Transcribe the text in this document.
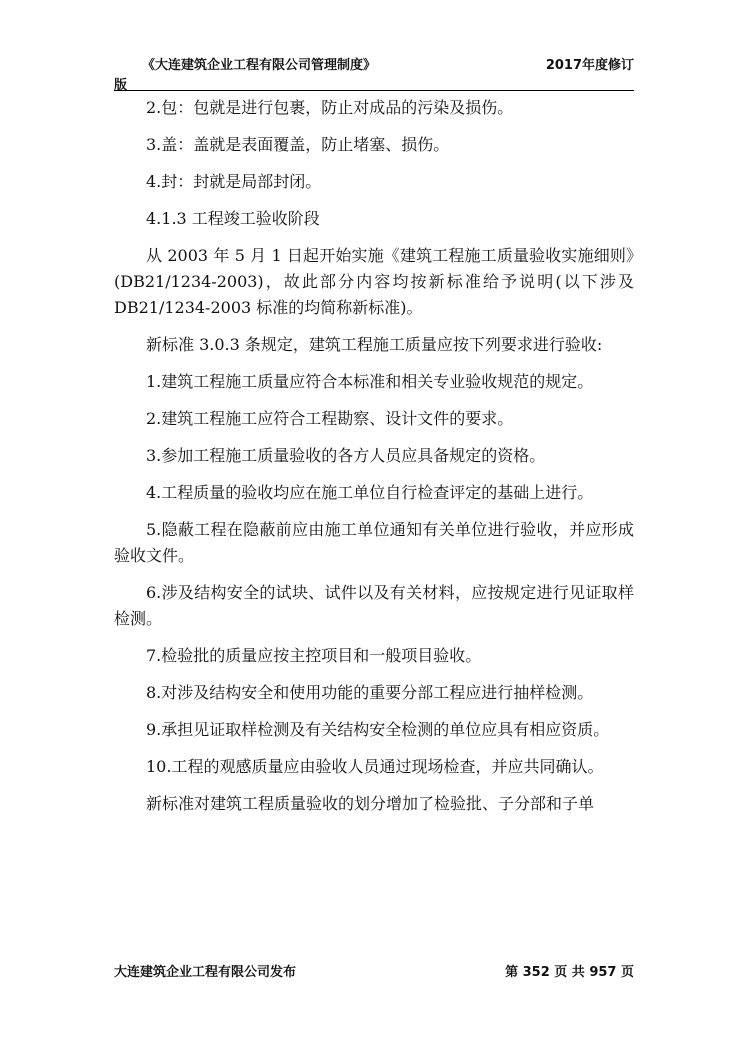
《大连建筑企业工程有限公司管理制度》	2017年度修订
版

2.包：包就是进行包裹，防止对成品的污染及损伤。

3.盖：盖就是表面覆盖，防止堵塞、损伤。

4.封：封就是局部封闭。

4.1.3 工程竣工验收阶段

从 2003 年 5 月 1 日起开始实施《建筑工程施工质量验收实施细则》(DB21/1234-2003)，故此部分内容均按新标准给予说明(以下涉及 DB21/1234-2003 标准的均简称新标准)。

新标准 3.0.3 条规定，建筑工程施工质量应按下列要求进行验收:

1.建筑工程施工质量应符合本标准和相关专业验收规范的规定。

2.建筑工程施工应符合工程勘察、设计文件的要求。

3.参加工程施工质量验收的各方人员应具备规定的资格。

4.工程质量的验收均应在施工单位自行检查评定的基础上进行。

5.隐蔽工程在隐蔽前应由施工单位通知有关单位进行验收，并应形成验收文件。

6.涉及结构安全的试块、试件以及有关材料，应按规定进行见证取样检测。

7.检验批的质量应按主控项目和一般项目验收。

8.对涉及结构安全和使用功能的重要分部工程应进行抽样检测。

9.承担见证取样检测及有关结构安全检测的单位应具有相应资质。

10.工程的观感质量应由验收人员通过现场检查，并应共同确认。

新标准对建筑工程质量验收的划分增加了检验批、子分部和子单

大连建筑企业工程有限公司发布	第 352 页 共 957 页
